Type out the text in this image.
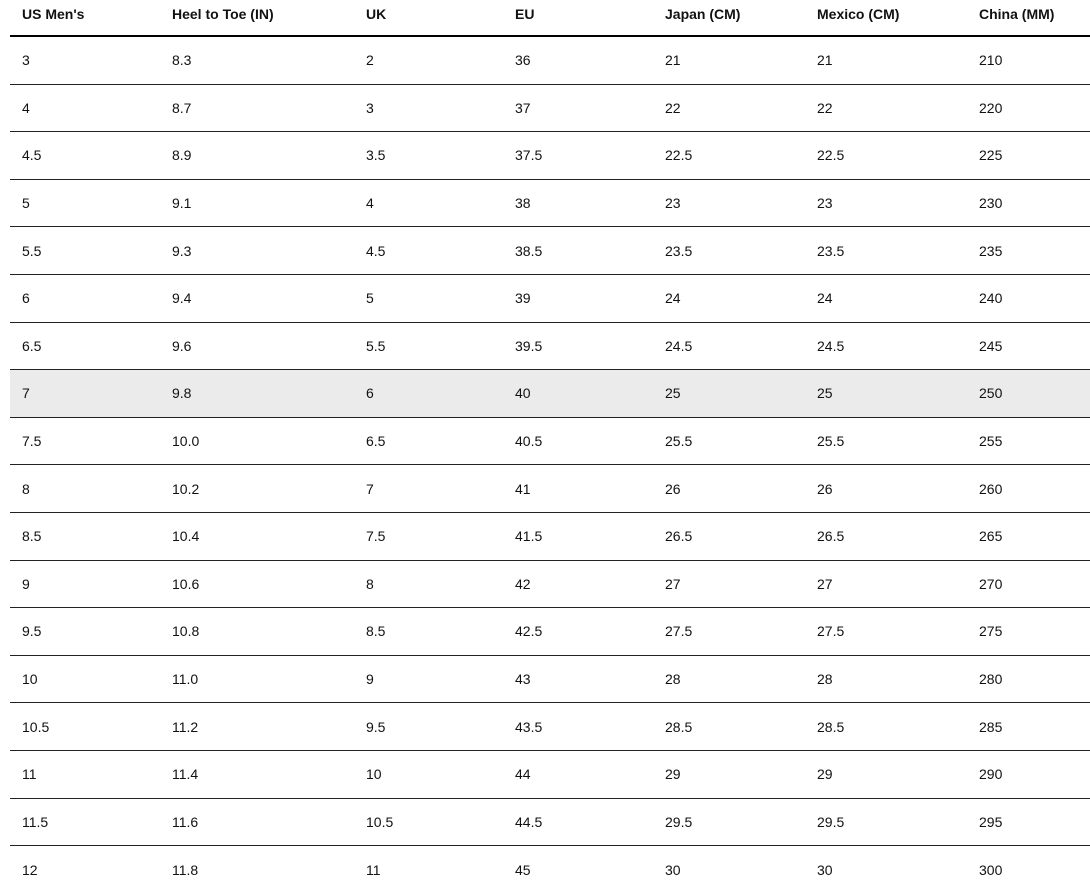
US Men's	Heel to Toe (IN)	UK	EU	Japan (CM)	Mexico (CM)	China (MM)
3	8.3	2	36	21	21	210
4	8.7	3	37	22	22	220
4.5	8.9	3.5	37.5	22.5	22.5	225
5	9.1	4	38	23	23	230
5.5	9.3	4.5	38.5	23.5	23.5	235
6	9.4	5	39	24	24	240
6.5	9.6	5.5	39.5	24.5	24.5	245
7	9.8	6	40	25	25	250
7.5	10.0	6.5	40.5	25.5	25.5	255
8	10.2	7	41	26	26	260
8.5	10.4	7.5	41.5	26.5	26.5	265
9	10.6	8	42	27	27	270
9.5	10.8	8.5	42.5	27.5	27.5	275
10	11.0	9	43	28	28	280
10.5	11.2	9.5	43.5	28.5	28.5	285
11	11.4	10	44	29	29	290
11.5	11.6	10.5	44.5	29.5	29.5	295
12	11.8	11	45	30	30	300
